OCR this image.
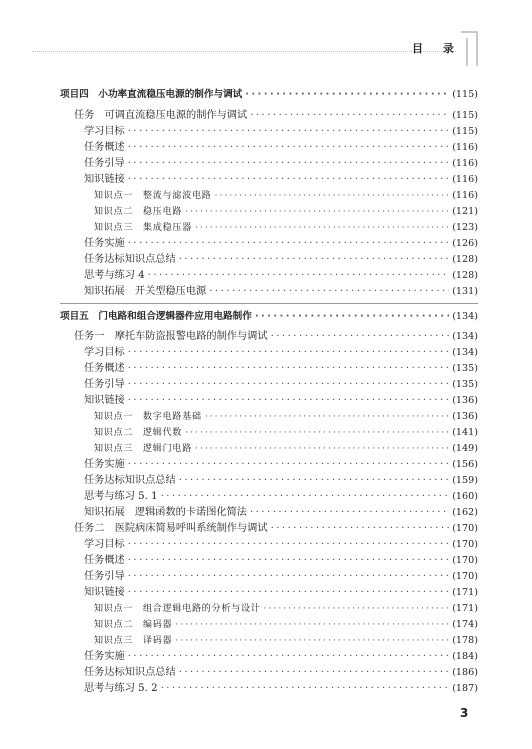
目 录
项目四　小功率直流稳压电源的制作与调试 · · ·	(115)
任务　可调直流稳压电源的制作与调试 · · ·	(115)
学习目标 · · ·	(115)
任务概述 · · ·	(116)
任务引导 · · ·	(116)
知识链接 · · ·	(116)
知识点一　整流与滤波电路 · · ·	(116)
知识点二　稳压电路 · · ·	(121)
知识点三　集成稳压器 · · ·	(123)
任务实施 · · ·	(126)
任务达标知识点总结 · · ·	(128)
思考与练习 4 · · ·	(128)
知识拓展　开关型稳压电源 · · ·	(131)
项目五　门电路和组合逻辑器件应用电路制作 · · ·	(134)
任务一　摩托车防盗报警电路的制作与调试 · · ·	(134)
学习目标 · · ·	(134)
任务概述 · · ·	(135)
任务引导 · · ·	(135)
知识链接 · · ·	(136)
知识点一　数字电路基础 · · ·	(136)
知识点二　逻辑代数 · · ·	(141)
知识点三　逻辑门电路 · · ·	(149)
任务实施 · · ·	(156)
任务达标知识点总结 · · ·	(159)
思考与练习 5. 1 · · ·	(160)
知识拓展　逻辑函数的卡诺图化简法 · · ·	(162)
任务二　医院病床简易呼叫系统制作与调试 · · ·	(170)
学习目标 · · ·	(170)
任务概述 · · ·	(170)
任务引导 · · ·	(170)
知识链接 · · ·	(171)
知识点一　组合逻辑电路的分析与设计 · · ·	(171)
知识点二　编码器 · · ·	(174)
知识点三　译码器 · · ·	(178)
任务实施 · · ·	(184)
任务达标知识点总结 · · ·	(186)
思考与练习 5. 2 · · ·	(187)
3
